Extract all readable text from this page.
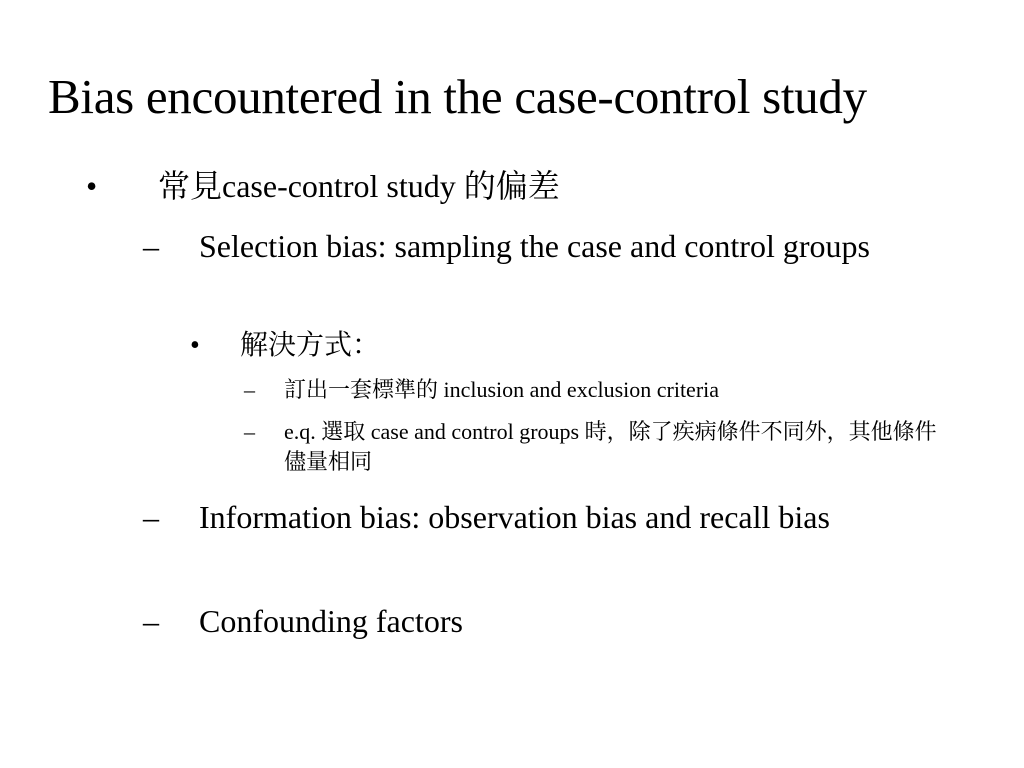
Bias encountered in the case-control study
• 常見case-control study 的偏差
– Selection bias: sampling the case and control groups
• 解決方式：
– 訂出一套標準的 inclusion and exclusion criteria
– e.q. 選取 case and control groups 時，除了疾病條件不同外，其他條件儘量相同
– Information bias: observation bias and recall bias
– Confounding factors
